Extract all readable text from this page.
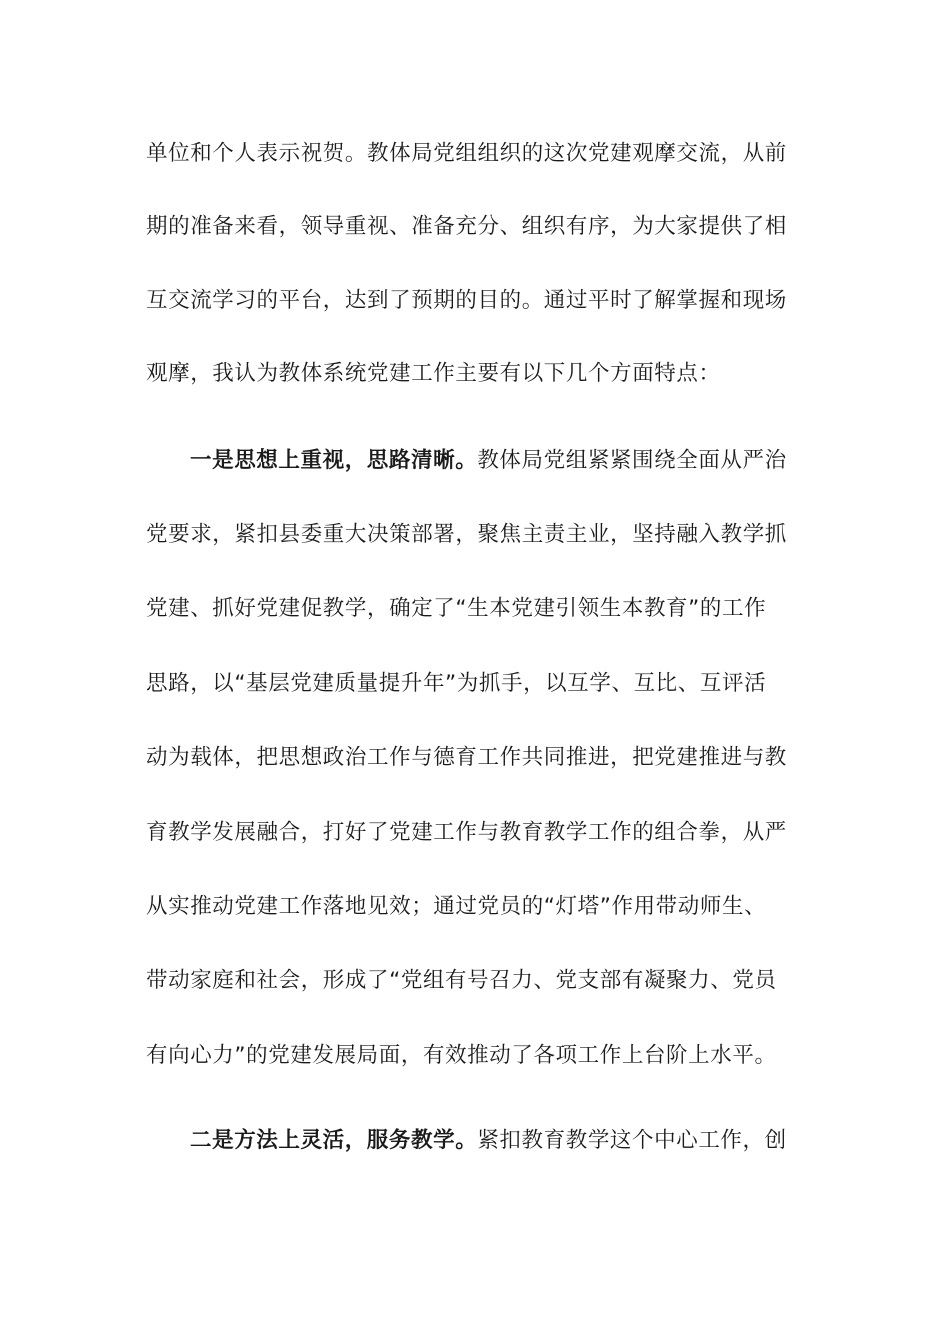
单位和个人表示祝贺。教体局党组组织的这次党建观摩交流，从前
期的准备来看，领导重视、准备充分、组织有序，为大家提供了相
互交流学习的平台，达到了预期的目的。通过平时了解掌握和现场
观摩，我认为教体系统党建工作主要有以下几个方面特点：
一是思想上重视，思路清晰。教体局党组紧紧围绕全面从严治
党要求，紧扣县委重大决策部署，聚焦主责主业，坚持融入教学抓
党建、抓好党建促教学，确定了“生本党建引领生本教育”的工作
思路，以“基层党建质量提升年”为抓手，以互学、互比、互评活
动为载体，把思想政治工作与德育工作共同推进，把党建推进与教
育教学发展融合，打好了党建工作与教育教学工作的组合拳，从严
从实推动党建工作落地见效；通过党员的“灯塔”作用带动师生、
带动家庭和社会，形成了“党组有号召力、党支部有凝聚力、党员
有向心力”的党建发展局面，有效推动了各项工作上台阶上水平。
二是方法上灵活，服务教学。紧扣教育教学这个中心工作，创
